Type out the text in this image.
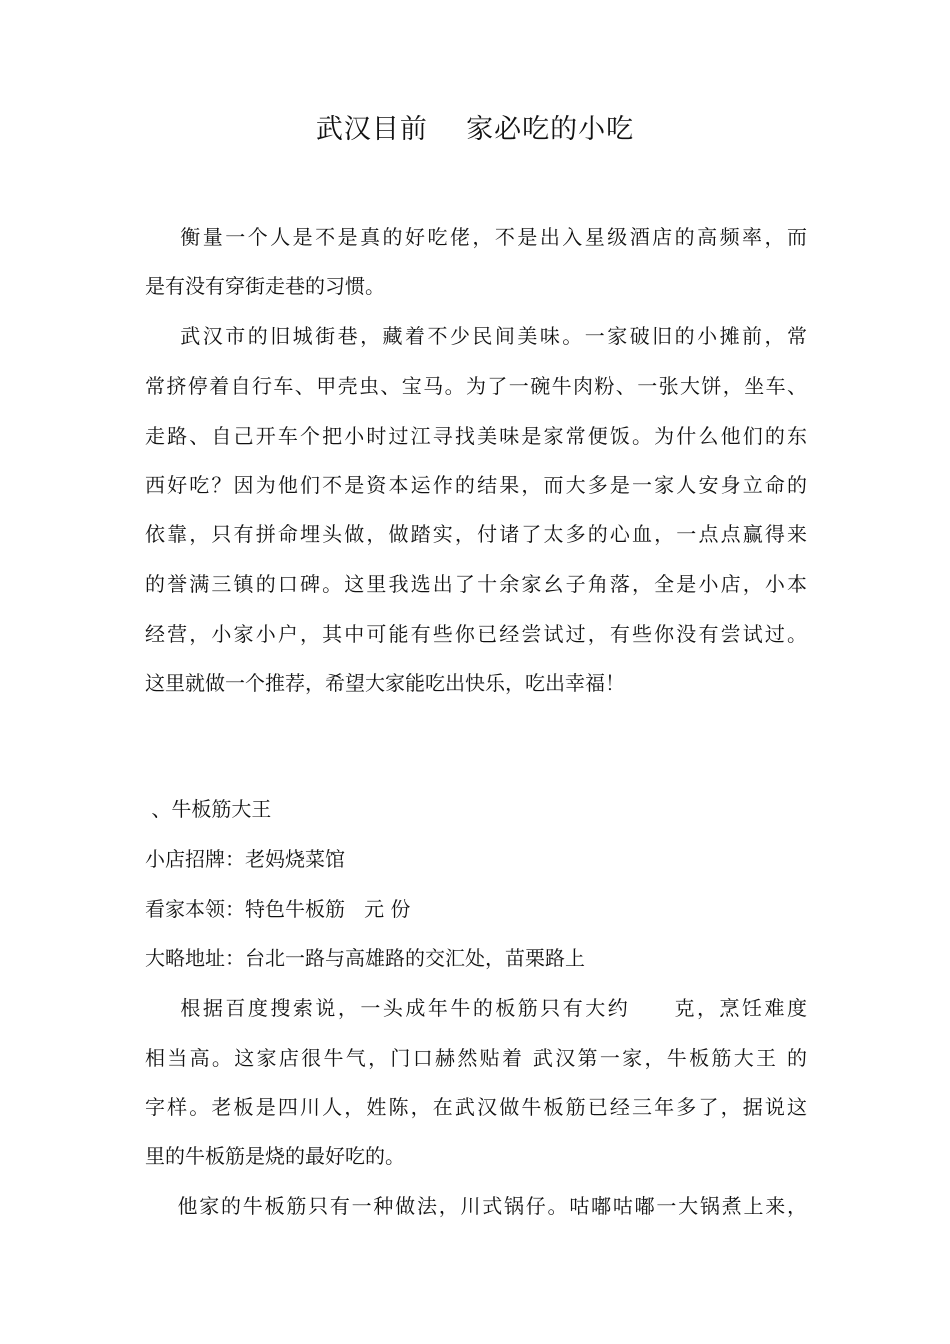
武汉目前    家必吃的小吃
衡量一个人是不是真的好吃佬，不是出入星级酒店的高频率，而
是有没有穿街走巷的习惯。
武汉市的旧城街巷，藏着不少民间美味。一家破旧的小摊前，常
常挤停着自行车、甲壳虫、宝马。为了一碗牛肉粉、一张大饼，坐车、
走路、自己开车个把小时过江寻找美味是家常便饭。为什么他们的东
西好吃？因为他们不是资本运作的结果，而大多是一家人安身立命的
依靠，只有拼命埋头做，做踏实，付诸了太多的心血，一点点赢得来
的誉满三镇的口碑。这里我选出了十余家幺子角落，全是小店，小本
经营，小家小户，其中可能有些你已经尝试过，有些你没有尝试过。
这里就做一个推荐，希望大家能吃出快乐，吃出幸福！
、牛板筋大王
小店招牌：老妈烧菜馆
看家本领：特色牛板筋   元 份
大略地址：台北一路与高雄路的交汇处，苗栗路上
根据百度搜索说，一头成年牛的板筋只有大约     克，烹饪难度
相当高。这家店很牛气，门口赫然贴着 武汉第一家，牛板筋大王 的
字样。老板是四川人，姓陈，在武汉做牛板筋已经三年多了，据说这
里的牛板筋是烧的最好吃的。
他家的牛板筋只有一种做法，川式锅仔。咕嘟咕嘟一大锅煮上来，
